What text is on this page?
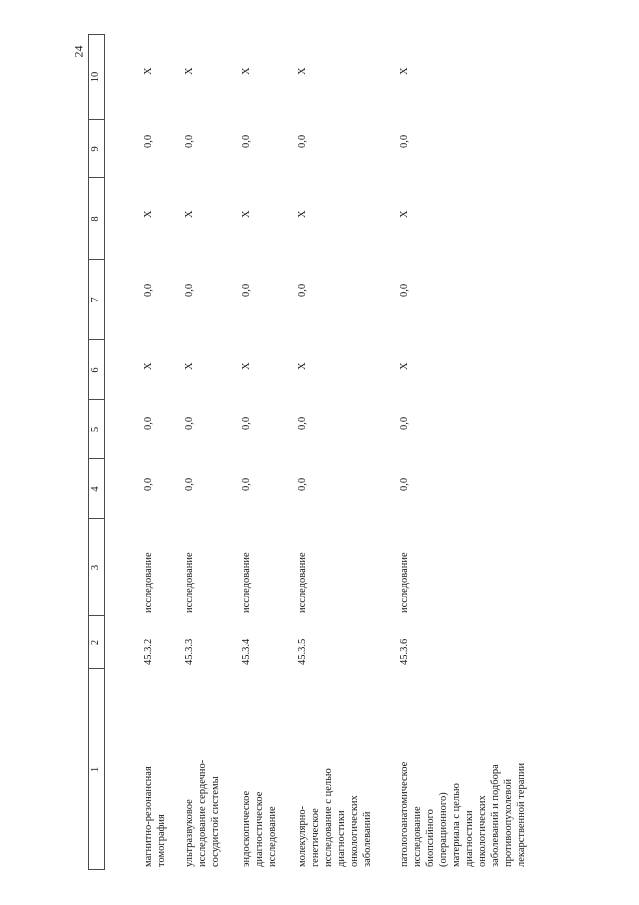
24
1
2
3
4
5
6
7
8
9
10
магнитно-резонансная
томография
45.3.2
исследование
0,0
0,0
X
0,0
X
0,0
X
ультразвуковое
исследование сердечно-
сосудистой системы
45.3.3
исследование
0,0
0,0
X
0,0
X
0,0
X
эндоскопическое
диагностическое
исследование
45.3.4
исследование
0,0
0,0
X
0,0
X
0,0
X
молекулярно-
генетическое
исследование с целью
диагностики
онкологических
заболеваний
45.3.5
исследование
0,0
0,0
X
0,0
X
0,0
X
патологоанатомическое
исследование
биопсийного
(операционного)
материала с целью
диагностики
онкологических
заболеваний и подбора
противоопухолевой
лекарственной терапии
45.3.6
исследование
0,0
0,0
X
0,0
X
0,0
X
